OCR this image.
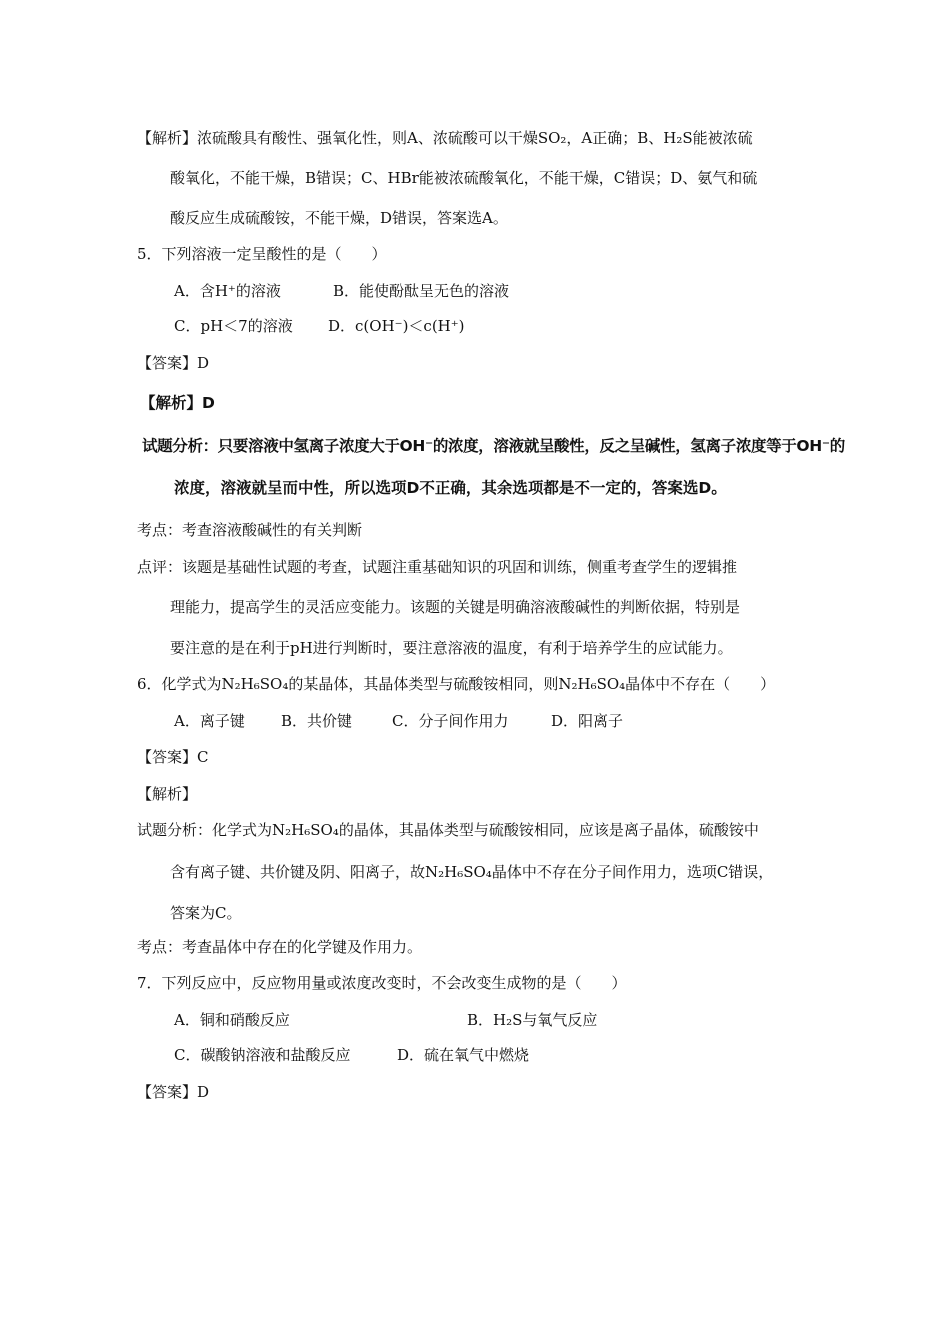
【解析】浓硫酸具有酸性、强氧化性，则A、浓硫酸可以干燥SO₂，A正确；B、H₂S能被浓硫
酸氧化，不能干燥，B错误；C、HBr能被浓硫酸氧化，不能干燥，C错误；D、氨气和硫
酸反应生成硫酸铵，不能干燥，D错误，答案选A。
5．下列溶液一定呈酸性的是（　　）
A．含H⁺的溶液	B．能使酚酞呈无色的溶液
C．pH＜7的溶液 D．c(OH⁻)＜c(H⁺)
【答案】D
【解析】D
试题分析：只要溶液中氢离子浓度大于OH⁻的浓度，溶液就呈酸性，反之呈碱性，氢离子浓度等于OH⁻的
浓度，溶液就呈而中性，所以选项D不正确，其余选项都是不一定的，答案选D。
考点：考查溶液酸碱性的有关判断
点评：该题是基础性试题的考查，试题注重基础知识的巩固和训练，侧重考查学生的逻辑推
理能力，提高学生的灵活应变能力。该题的关键是明确溶液酸碱性的判断依据，特别是
要注意的是在利于pH进行判断时，要注意溶液的温度，有利于培养学生的应试能力。
6．化学式为N₂H₆SO₄的某晶体，其晶体类型与硫酸铵相同，则N₂H₆SO₄晶体中不存在（　　）
A．离子键 B．共价键	C．分子间作用力	D．阳离子
【答案】C
【解析】
试题分析：化学式为N₂H₆SO₄的晶体，其晶体类型与硫酸铵相同，应该是离子晶体，硫酸铵中
含有离子键、共价键及阴、阳离子，故N₂H₆SO₄晶体中不存在分子间作用力，选项C错误，
答案为C。
考点：考查晶体中存在的化学键及作用力。
7．下列反应中，反应物用量或浓度改变时，不会改变生成物的是（　　）
A．铜和硝酸反应	B．H₂S与氧气反应
C．碳酸钠溶液和盐酸反应	D．硫在氧气中燃烧
【答案】D
